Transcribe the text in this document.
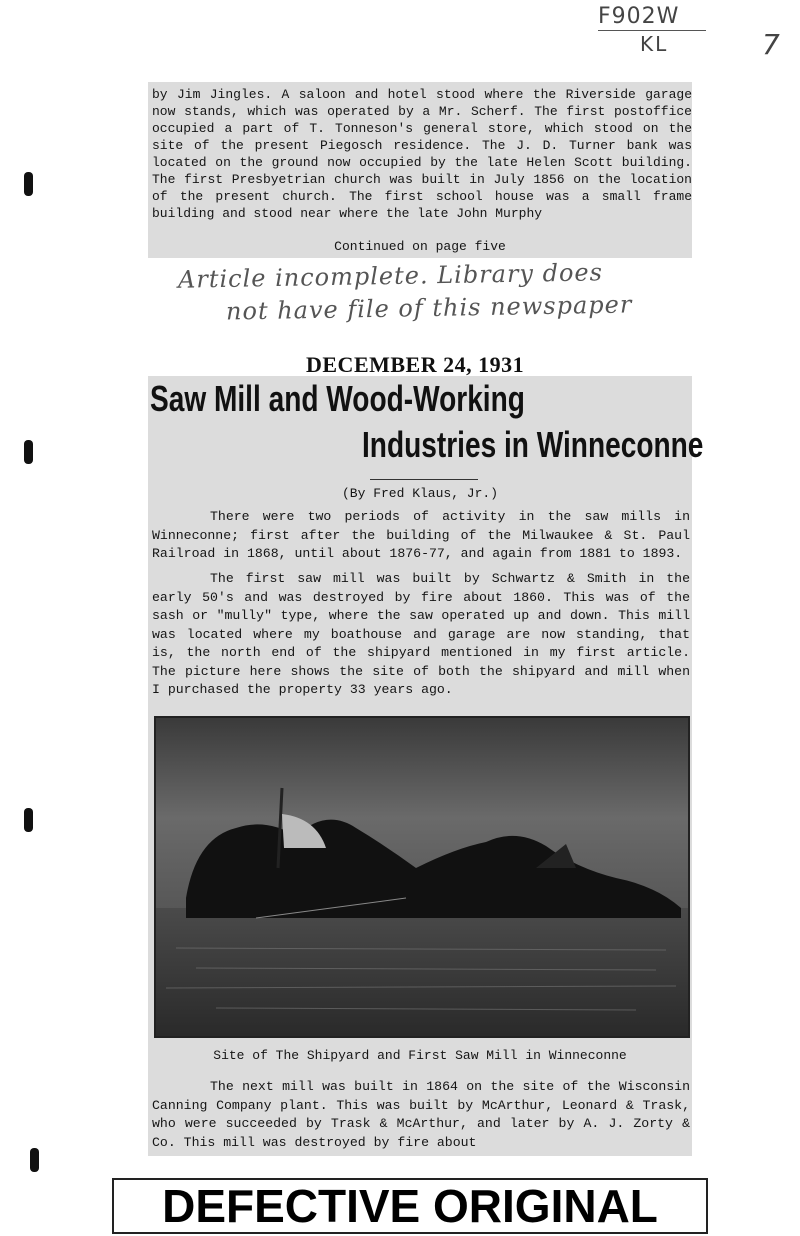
F902W
KL	7
by Jim Jingles. A saloon and hotel stood where the Riverside garage now stands, which was operated by a Mr. Scherf. The first postoffice occupied a part of T. Tonneson's general store, which stood on the site of the present Piegosch residence. The J. D. Turner bank was located on the ground now occupied by the late Helen Scott building. The first Presbyetrian church was built in July 1856 on the location of the present church. The first school house was a small frame building and stood near where the late John Murphy
Continued on page five
Article incomplete. Library does
not have file of this newspaper
DECEMBER 24, 1931
Saw Mill and Wood-Working
Industries in Winneconne
(By Fred Klaus, Jr.)
There were two periods of activity in the saw mills in Winneconne; first after the building of the Milwaukee & St. Paul Railroad in 1868, until about 1876-77, and again from 1881 to 1893.
The first saw mill was built by Schwartz & Smith in the early 50's and was destroyed by fire about 1860. This was of the sash or "mully" type, where the saw operated up and down. This mill was located where my boathouse and garage are now standing, that is, the north end of the shipyard mentioned in my first article. The picture here shows the site of both the shipyard and mill when I purchased the property 33 years ago.
Site of The Shipyard and First Saw Mill in Winneconne
The next mill was built in 1864 on the site of the Wisconsin Canning Company plant. This was built by McArthur, Leonard & Trask, who were succeeded by Trask & McArthur, and later by A. J. Zorty & Co. This mill was destroyed by fire about
DEFECTIVE ORIGINAL
